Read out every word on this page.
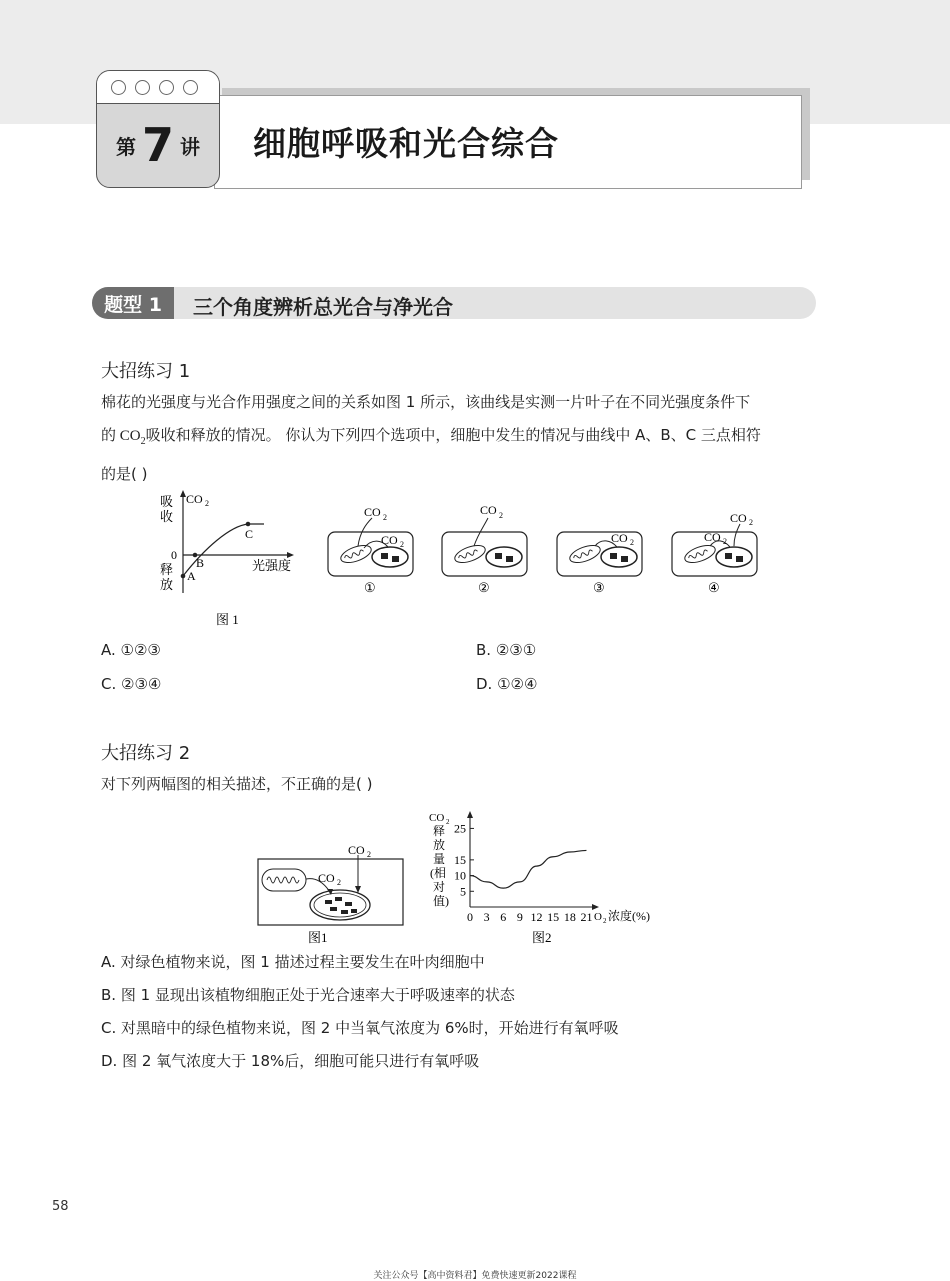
第 7 讲 细胞呼吸和光合综合
题型 1	三个角度辨析总光合与净光合
大招练习 1
棉花的光强度与光合作用强度之间的关系如图 1 所示，该曲线是实测一片叶子在不同光强度条件下
的 $CO_2$吸收和释放的情况。 你认为下列四个选项中，细胞中发生的情况与曲线中 A、B、C 三点相符
的是( )
吸
收
CO 2
0
释
放
光强度
A
B
C
图 1
CO 2
CO 2
①
CO 2
②
CO 2
③
CO 2
CO 2
④
A. ①②③	B. ②③①
C. ②③④	D. ①②④
大招练习 2
对下列两幅图的相关描述，不正确的是( )
CO 2
CO 2
图1
CO 2
释
放
量
(相
对
值)
5
10
15
25
0 3 6 9 12 15 18 21 O 2 浓度(%)
图2
A. 对绿色植物来说，图 1 描述过程主要发生在叶肉细胞中
B. 图 1 显现出该植物细胞正处于光合速率大于呼吸速率的状态
C. 对黑暗中的绿色植物来说，图 2 中当氧气浓度为 6%时，开始进行有氧呼吸
D. 图 2 氧气浓度大于 18%后，细胞可能只进行有氧呼吸
58
关注公众号【高中资料君】免费快速更新2022课程
